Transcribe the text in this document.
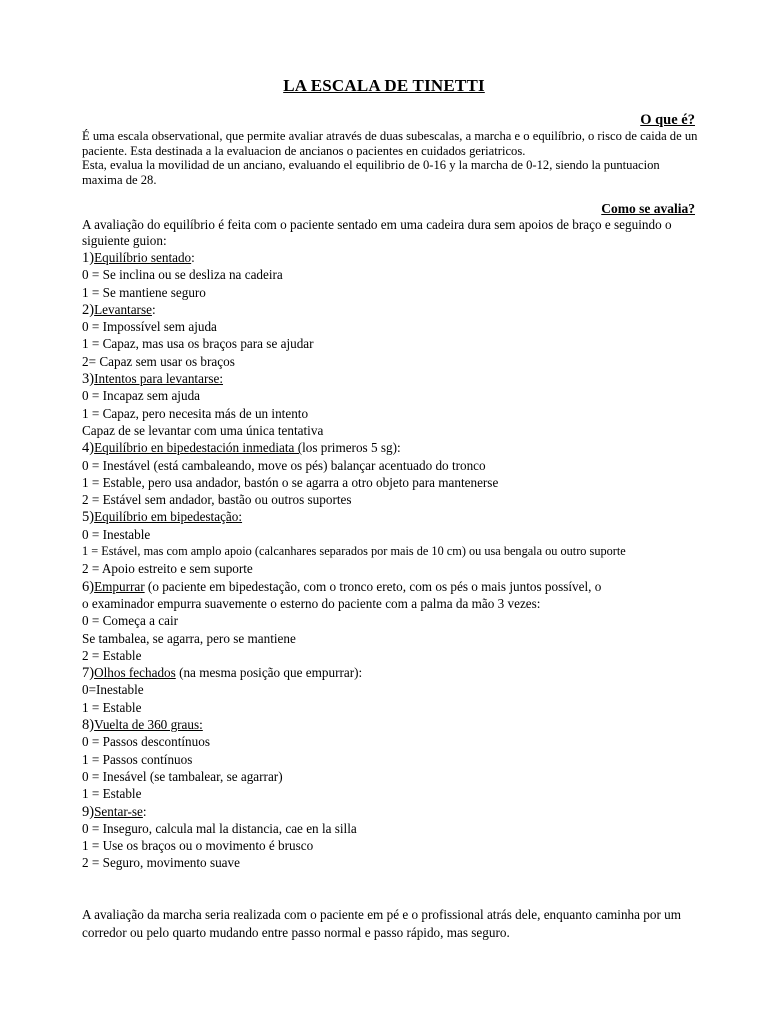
LA ESCALA DE TINETTI
O que é?

É uma escala observational, que permite avaliar através de duas subescalas, a marcha e o equilíbrio, o risco de caida de un paciente. Esta destinada a la evaluacion de ancianos o pacientes en cuidados geriatricos.

Esta, evalua la movilidad de un anciano, evaluando el equilibrio de 0-16 y la marcha de 0-12, siendo la puntuacion maxima de 28.

Como se avalia?

A avaliação do equilíbrio é feita com o paciente sentado em uma cadeira dura sem apoios de braço e seguindo o siguiente guion:

1)Equilíbrio sentado:
0 = Se inclina ou se desliza na cadeira
1 = Se mantiene seguro
2)Levantarse:
0 = Impossível sem ajuda
1 = Capaz, mas usa os braços para se ajudar
2= Capaz sem usar os braços
3)Intentos para levantarse:
0 = Incapaz sem ajuda
1 = Capaz, pero necesita más de un intento
Capaz de se levantar com uma única tentativa
4)Equilíbrio en bipedestación inmediata (los primeros 5 sg):
0 = Inestável (está cambaleando, move os pés) balançar acentuado do tronco
1 = Estable, pero usa andador, bastón o se agarra a otro objeto para mantenerse
2 = Estável sem andador, bastão ou outros suportes
5)Equilíbrio em bipedestação:
0 = Inestable
1 = Estável, mas com amplo apoio (calcanhares separados por mais de 10 cm) ou usa bengala ou outro suporte
2 = Apoio estreito e sem suporte
6)Empurrar (o paciente em bipedestação, com o tronco ereto, com os pés o mais juntos possível, o
o examinador empurra suavemente o esterno do paciente com a palma da mão 3 vezes:
0 = Começa a cair
Se tambalea, se agarra, pero se mantiene
2 = Estable
7)Olhos fechados (na mesma posição que empurrar):
0=Inestable
1 = Estable
8)Vuelta de 360 graus:
0 = Passos descontínuos
1 = Passos contínuos
0 = Inesável (se tambalear, se agarrar)
1 = Estable
9)Sentar-se:
0 = Inseguro, calcula mal la distancia, cae en la silla
1 = Use os braços ou o movimento é brusco
2 = Seguro, movimento suave

A avaliação da marcha seria realizada com o paciente em pé e o profissional atrás dele, enquanto caminha por um corredor ou pelo quarto mudando entre passo normal e passo rápido, mas seguro.
